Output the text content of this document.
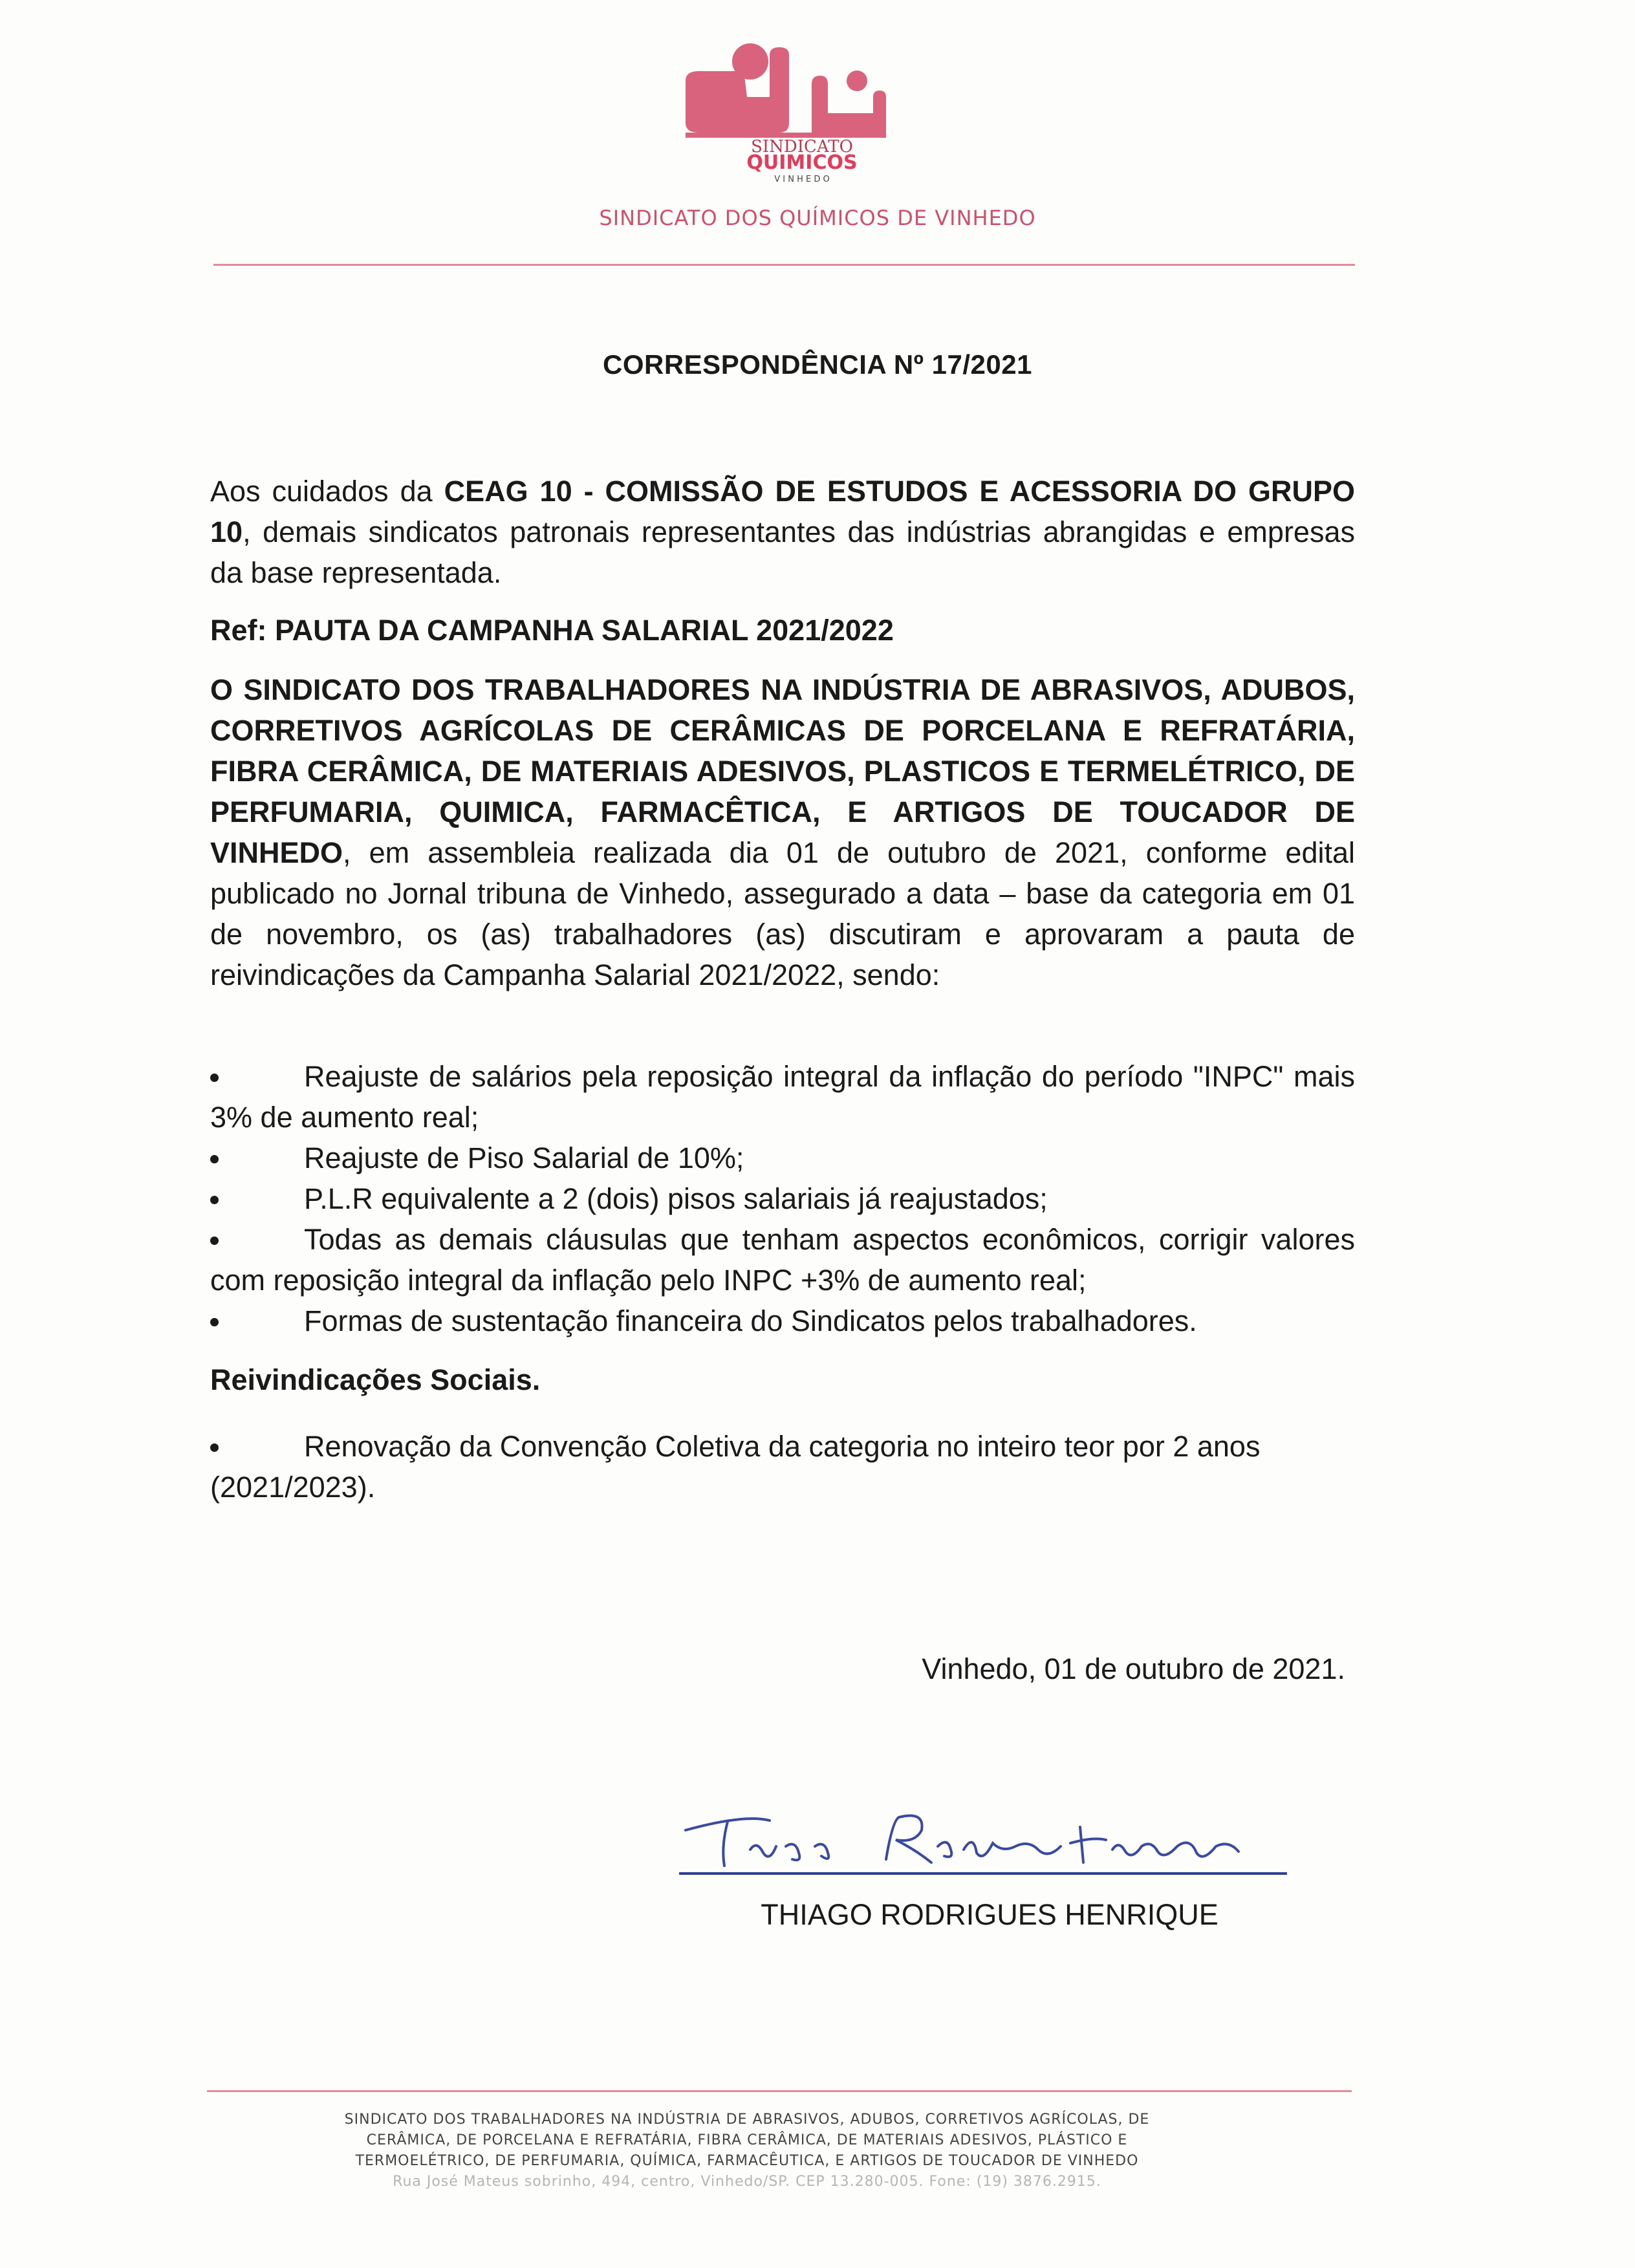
SINDICATO
QUIMICOS
V I N H E D O
SINDICATO DOS QUÍMICOS DE VINHEDO
CORRESPONDÊNCIA Nº 17/2021
Aos cuidados da CEAG 10 - COMISSÃO DE ESTUDOS E ACESSORIA DO GRUPO 10, demais sindicatos patronais representantes das indústrias abrangidas e empresas da base representada.
Ref: PAUTA DA CAMPANHA SALARIAL 2021/2022
O SINDICATO DOS TRABALHADORES NA INDÚSTRIA DE ABRASIVOS, ADUBOS, CORRETIVOS AGRÍCOLAS DE CERÂMICAS DE PORCELANA E REFRATÁRIA, FIBRA CERÂMICA, DE MATERIAIS ADESIVOS, PLASTICOS E TERMELÉTRICO, DE PERFUMARIA, QUIMICA, FARMACÊTICA, E ARTIGOS DE TOUCADOR DE VINHEDO, em assembleia realizada dia 01 de outubro de 2021, conforme edital publicado no Jornal tribuna de Vinhedo, assegurado a data – base da categoria em 01 de novembro, os (as) trabalhadores (as) discutiram e aprovaram a pauta de reivindicações da Campanha Salarial 2021/2022, sendo:
Reajuste de salários pela reposição integral da inflação do período "INPC" mais 3% de aumento real;
Reajuste de Piso Salarial de 10%;
P.L.R equivalente a 2 (dois) pisos salariais já reajustados;
Todas as demais cláusulas que tenham aspectos econômicos, corrigir valores com reposição integral da inflação pelo INPC +3% de aumento real;
Formas de sustentação financeira do Sindicatos pelos trabalhadores.
Reivindicações Sociais.
Renovação da Convenção Coletiva da categoria no inteiro teor por 2 anos (2021/2023).
Vinhedo, 01 de outubro de 2021.
THIAGO RODRIGUES HENRIQUE
SINDICATO DOS TRABALHADORES NA INDÚSTRIA DE ABRASIVOS, ADUBOS, CORRETIVOS AGRÍCOLAS, DE
CERÂMICA, DE PORCELANA E REFRATÁRIA, FIBRA CERÂMICA, DE MATERIAIS ADESIVOS, PLÁSTICO E
TERMOELÉTRICO, DE PERFUMARIA, QUÍMICA, FARMACÊUTICA, E ARTIGOS DE TOUCADOR DE VINHEDO
Rua José Mateus sobrinho, 494, centro, Vinhedo/SP. CEP 13.280-005. Fone: (19) 3876.2915.
